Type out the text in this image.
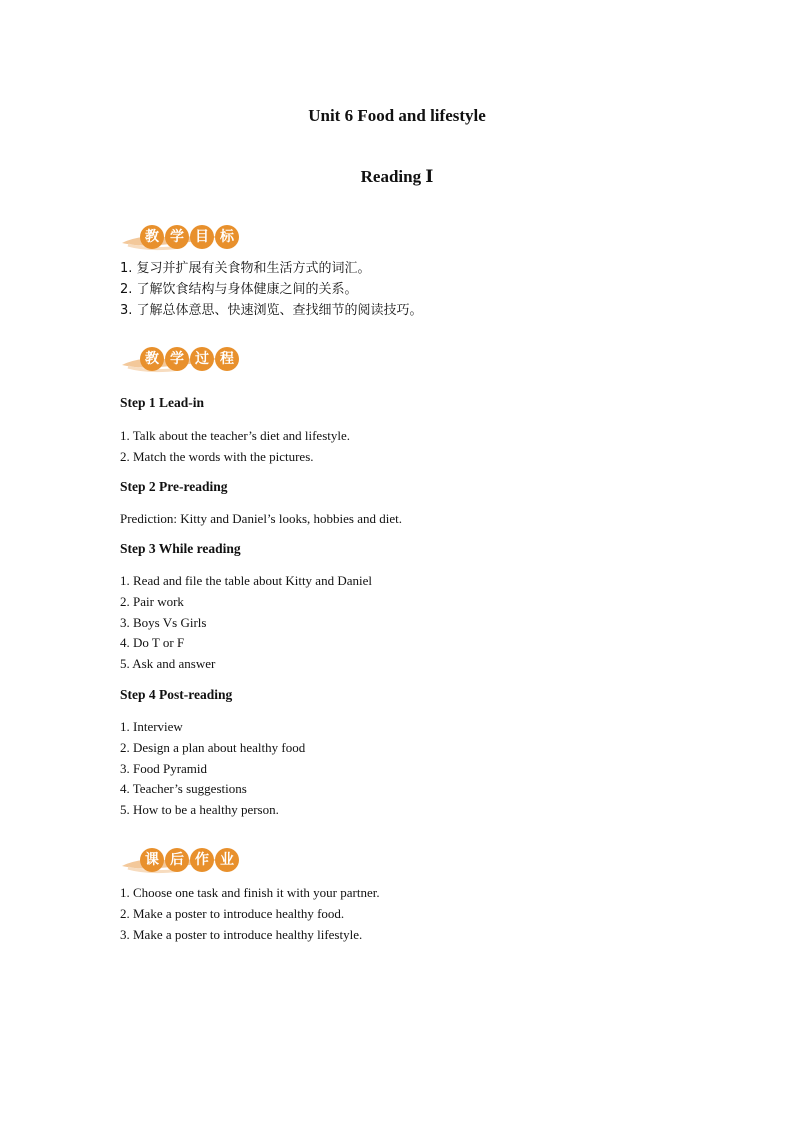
Unit 6 Food and lifestyle
Reading Ⅰ
教 学 目 标
1. 复习并扩展有关食物和生活方式的词汇。
2. 了解饮食结构与身体健康之间的关系。
3. 了解总体意思、快速浏览、查找细节的阅读技巧。
教 学 过 程
Step 1 Lead-in
1. Talk about the teacher’s diet and lifestyle.
2. Match the words with the pictures.
Step 2 Pre-reading

Prediction: Kitty and Daniel’s looks, hobbies and diet.

Step 3 While reading
1. Read and file the table about Kitty and Daniel
2. Pair work
3. Boys Vs Girls
4. Do T or F
5. Ask and answer
Step 4 Post-reading
1. Interview
2. Design a plan about healthy food
3. Food Pyramid
4. Teacher’s suggestions
5. How to be a healthy person.
课 后 作 业
1. Choose one task and finish it with your partner.
2. Make a poster to introduce healthy food.
3. Make a poster to introduce healthy lifestyle.
